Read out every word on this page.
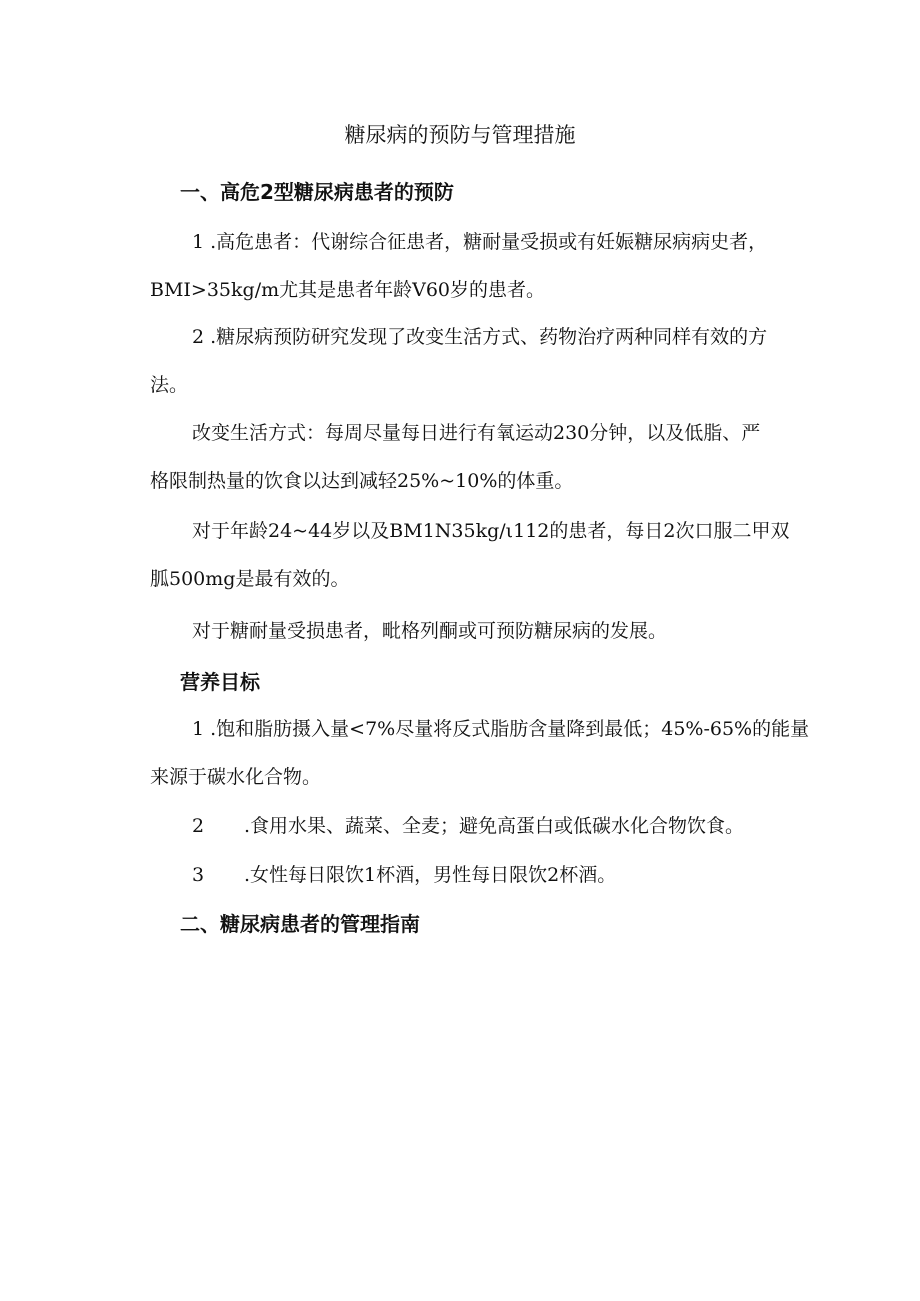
糖尿病的预防与管理措施
一、高危2型糖尿病患者的预防
1 .高危患者：代谢综合征患者，糖耐量受损或有妊娠糖尿病病史者，
BMI>35kg/m尤其是患者年龄V60岁的患者。
2 .糖尿病预防研究发现了改变生活方式、药物治疗两种同样有效的方
法。
改变生活方式：每周尽量每日进行有氧运动230分钟，以及低脂、严
格限制热量的饮食以达到减轻25%~10%的体重。
对于年龄24~44岁以及BM1N35kg/ι112的患者，每日2次口服二甲双
胍500mg是最有效的。
对于糖耐量受损患者，毗格列酮或可预防糖尿病的发展。
营养目标
1 .饱和脂肪摄入量<7%尽量将反式脂肪含量降到最低；45%-65%的能量
来源于碳水化合物。
2 .食用水果、蔬菜、全麦；避免高蛋白或低碳水化合物饮食。
3 .女性每日限饮1杯酒，男性每日限饮2杯酒。
二、糖尿病患者的管理指南
